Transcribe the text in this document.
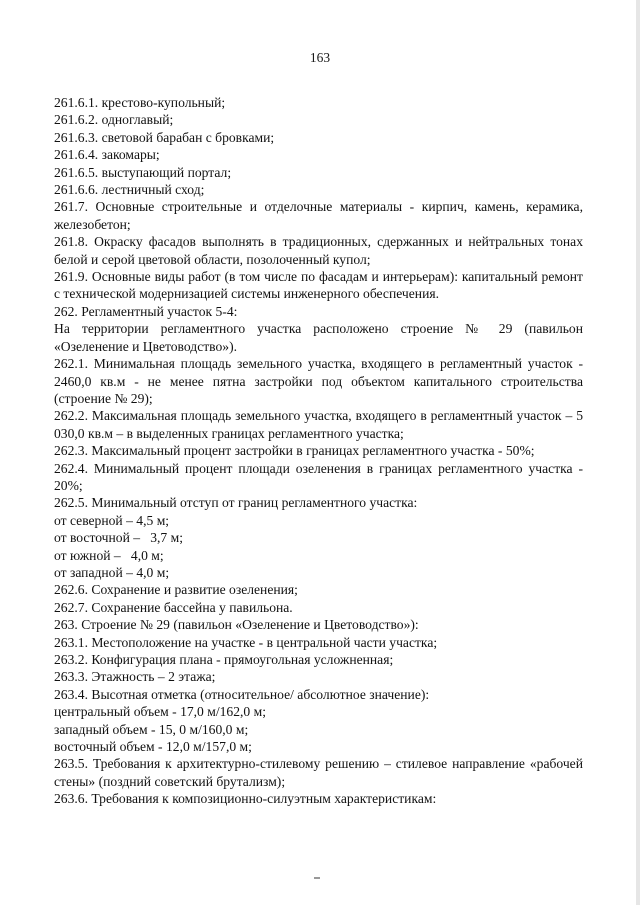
163

261.6.1. крестово-купольный;

261.6.2. одноглавый;

261.6.3. световой барабан с бровками;

261.6.4. закомары;

261.6.5. выступающий портал;

261.6.6. лестничный сход;

261.7. Основные строительные и отделочные материалы - кирпич, камень, керамика, железобетон;

261.8. Окраску фасадов выполнять в традиционных, сдержанных и нейтральных тонах белой и серой цветовой области, позолоченный купол;

261.9. Основные виды работ (в том числе по фасадам и интерьерам): капитальный ремонт с технической модернизацией системы инженерного обеспечения.

262. Регламентный участок 5-4:

На территории регламентного участка расположено строение № 29 (павильон «Озеленение и Цветоводство»).

262.1. Минимальная площадь земельного участка, входящего в регламентный участок - 2460,0 кв.м - не менее пятна застройки под объектом капитального строительства (строение № 29);

262.2. Максимальная площадь земельного участка, входящего в регламентный участок – 5 030,0 кв.м – в выделенных границах регламентного участка;

262.3. Максимальный процент застройки в границах регламентного участка - 50%;

262.4. Минимальный процент площади озеленения в границах регламентного участка - 20%;

262.5. Минимальный отступ от границ регламентного участка:

от северной – 4,5 м;

от восточной –   3,7 м;

от южной –   4,0 м;

от западной – 4,0 м;

262.6. Сохранение и развитие озеленения;

262.7. Сохранение бассейна у павильона.

263. Строение № 29 (павильон «Озеленение и Цветоводство»):

263.1. Местоположение на участке - в центральной части участка;

263.2. Конфигурация плана - прямоугольная усложненная;

263.3. Этажность – 2 этажа;

263.4. Высотная отметка (относительное/ абсолютное значение):

центральный объем - 17,0 м/162,0 м;

западный объем - 15, 0 м/160,0 м;

восточный объем - 12,0 м/157,0 м;

263.5. Требования к архитектурно-стилевому решению – стилевое направление «рабочей стены» (поздний советский брутализм);

263.6. Требования к композиционно-силуэтным характеристикам:
